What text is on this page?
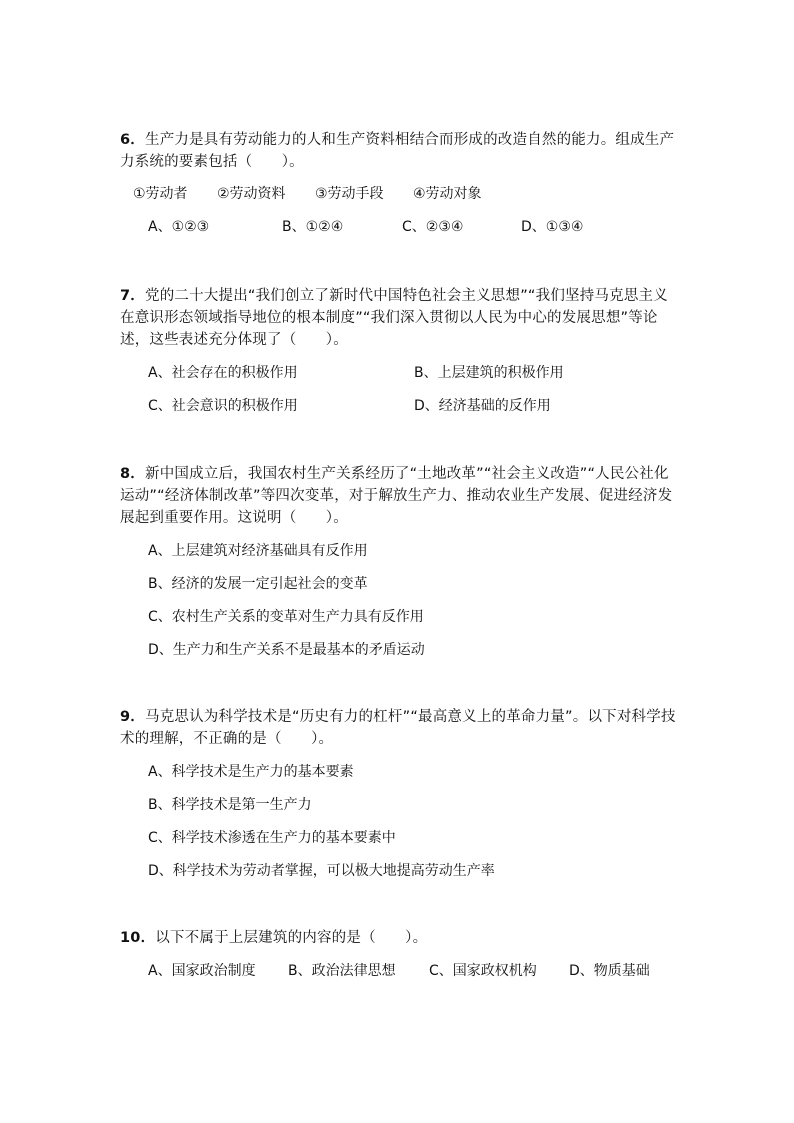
6．生产力是具有劳动能力的人和生产资料相结合而形成的改造自然的能力。组成生产力系统的要素包括（　　）。

①劳动者 ②劳动资料 ③劳动手段 ④劳动对象
A、①②③	B、①②④	C、②③④	D、①③④

7．党的二十大提出“我们创立了新时代中国特色社会主义思想”“我们坚持马克思主义在意识形态领域指导地位的根本制度”“我们深入贯彻以人民为中心的发展思想”等论述，这些表述充分体现了（　　）。

A、社会存在的积极作用	B、上层建筑的积极作用

C、社会意识的积极作用	D、经济基础的反作用

8．新中国成立后，我国农村生产关系经历了“土地改革”“社会主义改造”“人民公社化运动”“经济体制改革”等四次变革，对于解放生产力、推动农业生产发展、促进经济发展起到重要作用。这说明（　　）。

A、上层建筑对经济基础具有反作用

B、经济的发展一定引起社会的变革

C、农村生产关系的变革对生产力具有反作用

D、生产力和生产关系不是最基本的矛盾运动

9．马克思认为科学技术是“历史有力的杠杆”“最高意义上的革命力量”。以下对科学技术的理解，不正确的是（　　）。

A、科学技术是生产力的基本要素

B、科学技术是第一生产力

C、科学技术渗透在生产力的基本要素中

D、科学技术为劳动者掌握，可以极大地提高劳动生产率

10．以下不属于上层建筑的内容的是（　　）。

A、国家政治制度 B、政治法律思想 C、国家政权机构 D、物质基础
